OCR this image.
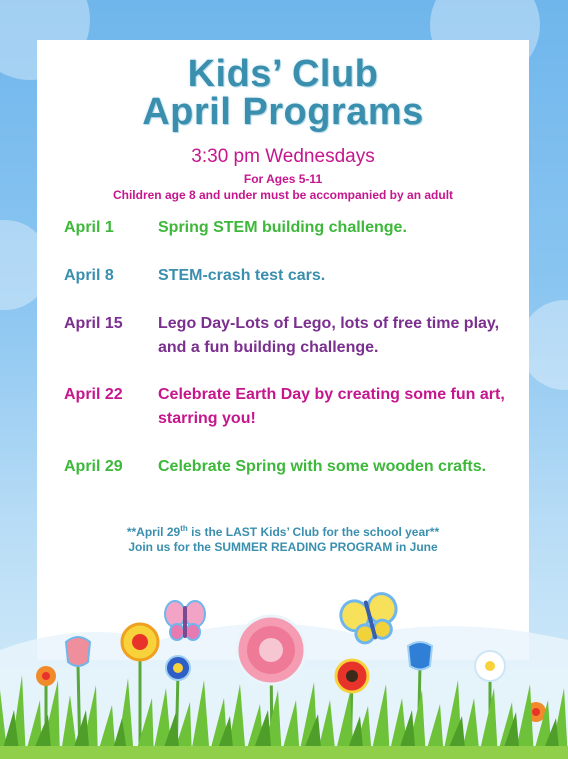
Kids’ Club
April Programs
3:30 pm Wednesdays
For Ages 5-11
Children age 8 and under must be accompanied by an adult
April 1	Spring STEM building challenge.
April 8	STEM-crash test cars.
April 15	Lego Day-Lots of Lego, lots of free time play, and a fun building challenge.
April 22	Celebrate Earth Day by creating some fun art, starring you!
April 29	Celebrate Spring with some wooden crafts.
**April 29th is the LAST Kids’ Club for the school year**
Join us for the SUMMER READING PROGRAM in June
